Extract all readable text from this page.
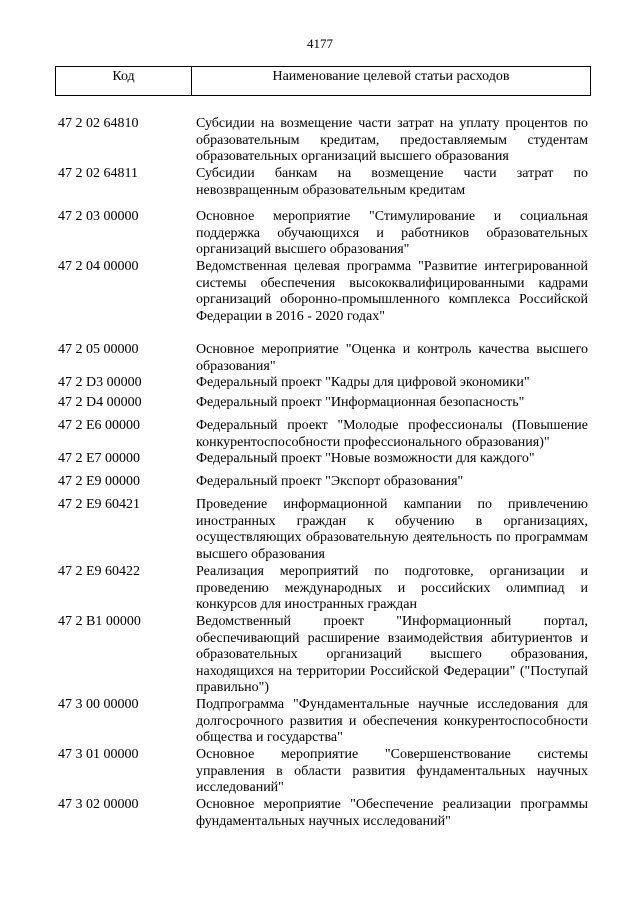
4177
Код	Наименование целевой статьи расходов
47 2 02 64810	Субсидии на возмещение части затрат на уплату процентов по образовательным кредитам, предоставляемым студентам образовательных организаций высшего образования
47 2 02 64811	Субсидии банкам на возмещение части затрат по невозвращенным образовательным кредитам
47 2 03 00000	Основное мероприятие "Стимулирование и социальная поддержка обучающихся и работников образовательных организаций высшего образования"
47 2 04 00000	Ведомственная целевая программа "Развитие интегрированной системы обеспечения высококвалифицированными кадрами организаций оборонно-промышленного комплекса Российской Федерации в 2016 - 2020 годах"
47 2 05 00000	Основное мероприятие "Оценка и контроль качества высшего образования"
47 2 D3 00000	Федеральный проект "Кадры для цифровой экономики"
47 2 D4 00000	Федеральный проект "Информационная безопасность"
47 2 E6 00000	Федеральный проект "Молодые профессионалы (Повышение конкурентоспособности профессионального образования)"
47 2 E7 00000	Федеральный проект "Новые возможности для каждого"
47 2 E9 00000	Федеральный проект "Экспорт образования"
47 2 E9 60421	Проведение информационной кампании по привлечению иностранных граждан к обучению в организациях, осуществляющих образовательную деятельность по программам высшего образования
47 2 E9 60422	Реализация мероприятий по подготовке, организации и проведению международных и российских олимпиад и конкурсов для иностранных граждан
47 2 B1 00000	Ведомственный проект "Информационный портал, обеспечивающий расширение взаимодействия абитуриентов и образовательных организаций высшего образования, находящихся на территории Российской Федерации" ("Поступай правильно")
47 3 00 00000	Подпрограмма "Фундаментальные научные исследования для долгосрочного развития и обеспечения конкурентоспособности общества и государства"
47 3 01 00000	Основное мероприятие "Совершенствование системы управления в области развития фундаментальных научных исследований"
47 3 02 00000	Основное мероприятие "Обеспечение реализации программы фундаментальных научных исследований"
